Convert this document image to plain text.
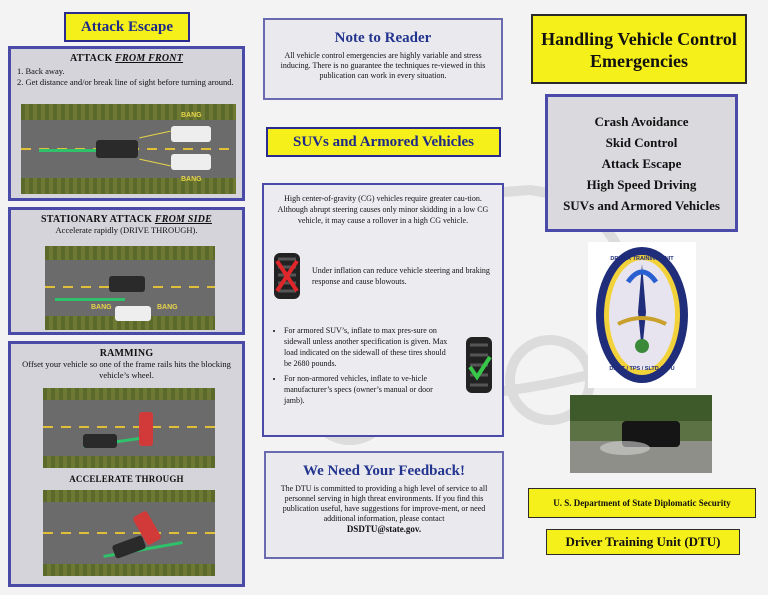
Attack Escape
ATTACK FROM FRONT
1. Back away.
2. Get distance and/or break line of sight before turning around.
BANG
BANG
STATIONARY ATTACK FROM SIDE
Accelerate rapidly (DRIVE THROUGH).
BANG	BANG
RAMMING
Offset your vehicle so one of the frame rails hits the blocking vehicle’s wheel.
ACCELERATE THROUGH
Note to Reader
All vehicle control emergencies are highly variable and stress inducing. There is no guarantee the techniques re-viewed in this publication can work in every situation.
SUVs and Armored Vehicles
High center-of-gravity (CG) vehicles require greater cau-tion. Although abrupt steering causes only minor skidding in a low CG vehicle, it may cause a rollover in a high CG vehicle.
Under inflation can reduce vehicle steering and braking response and cause blowouts.
• For armored SUV’s, inflate to max pres-sure on sidewall unless another specification is given. Max load indicated on the sidewall of these tires should be 2680 pounds.
• For non-armored vehicles, inflate to ve-hicle manufacturer’s specs (owner’s manual or door jamb).
We Need Your Feedback!
The DTU is committed to providing a high level of service to all personnel serving in high threat environments. If you find this publication useful, have suggestions for improve-ment, or need additional information, please contact
DSDTU@state.gov.
Handling Vehicle Control Emergencies
Crash Avoidance
Skid Control
Attack Escape
High Speed Driving
SUVs and Armored Vehicles
DRIVER TRAINING UNIT
DS / T / TPS / SLTD / DTU
U. S. Department of State Diplomatic Security
Driver Training Unit (DTU)
